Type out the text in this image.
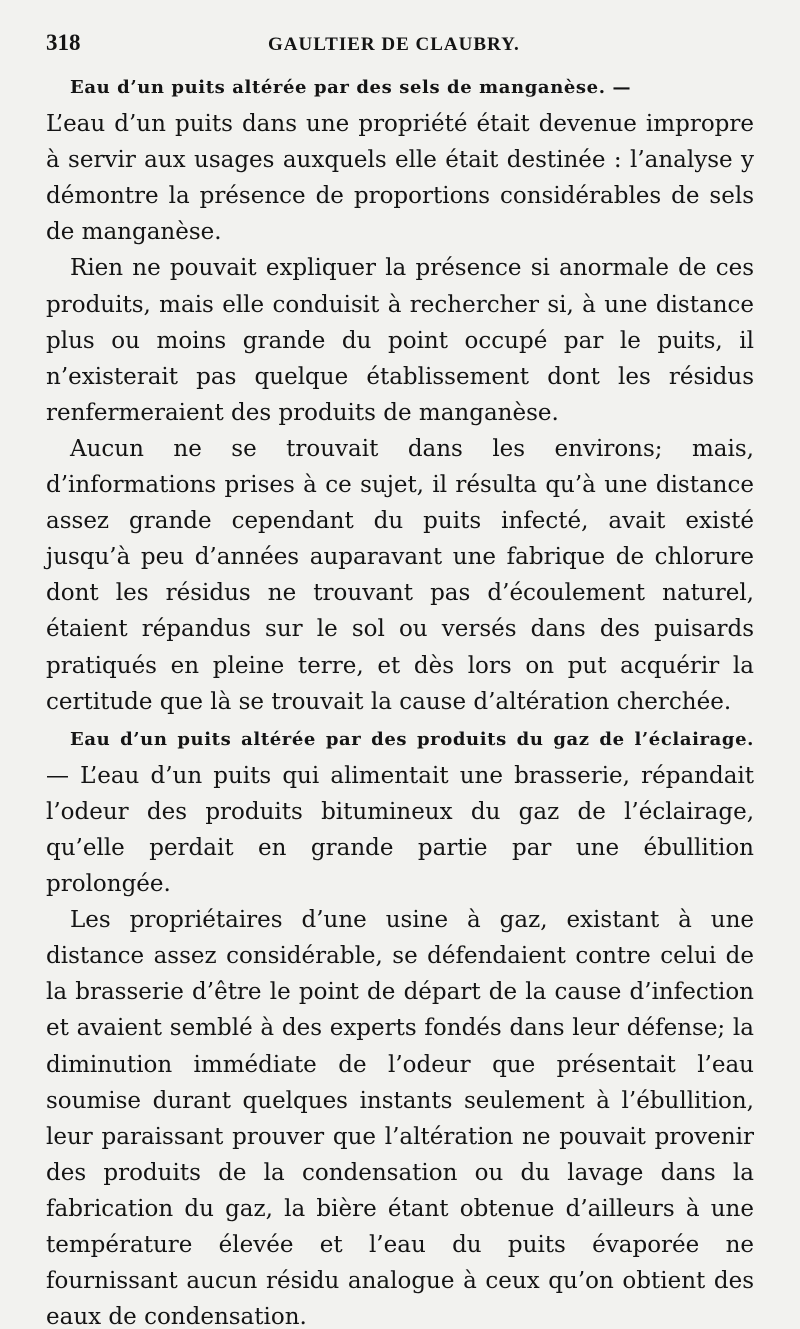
318	GAULTIER DE CLAUBRY.
Eau d’un puits altérée par des sels de manganèse. —

L’eau d’un puits dans une propriété était devenue impropre à servir aux usages auxquels elle était destinée : l’analyse y démontre la présence de proportions considérables de sels de manganèse.

Rien ne pouvait expliquer la présence si anormale de ces produits, mais elle conduisit à rechercher si, à une distance plus ou moins grande du point occupé par le puits, il n’existerait pas quelque établissement dont les résidus renfermeraient des produits de manganèse.

Aucun ne se trouvait dans les environs; mais, d’informations prises à ce sujet, il résulta qu’à une distance assez grande cependant du puits infecté, avait existé jusqu’à peu d’années auparavant une fabrique de chlorure dont les résidus ne trouvant pas d’écoulement naturel, étaient répandus sur le sol ou versés dans des puisards pratiqués en pleine terre, et dès lors on put acquérir la certitude que là se trouvait la cause d’altération cherchée.

Eau d’un puits altérée par des produits du gaz de l’éclairage. — L’eau d’un puits qui alimentait une brasserie, répandait l’odeur des produits bitumineux du gaz de l’éclairage, qu’elle perdait en grande partie par une ébullition prolongée.

Les propriétaires d’une usine à gaz, existant à une distance assez considérable, se défendaient contre celui de la brasserie d’être le point de départ de la cause d’infection et avaient semblé à des experts fondés dans leur défense; la diminution immédiate de l’odeur que présentait l’eau soumise durant quelques instants seulement à l’ébullition, leur paraissant prouver que l’altération ne pouvait provenir des produits de la condensation ou du lavage dans la fabrication du gaz, la bière étant obtenue d’ailleurs à une température élevée et l’eau du puits évaporée ne fournissant aucun résidu analogue à ceux qu’on obtient des eaux de condensation.
